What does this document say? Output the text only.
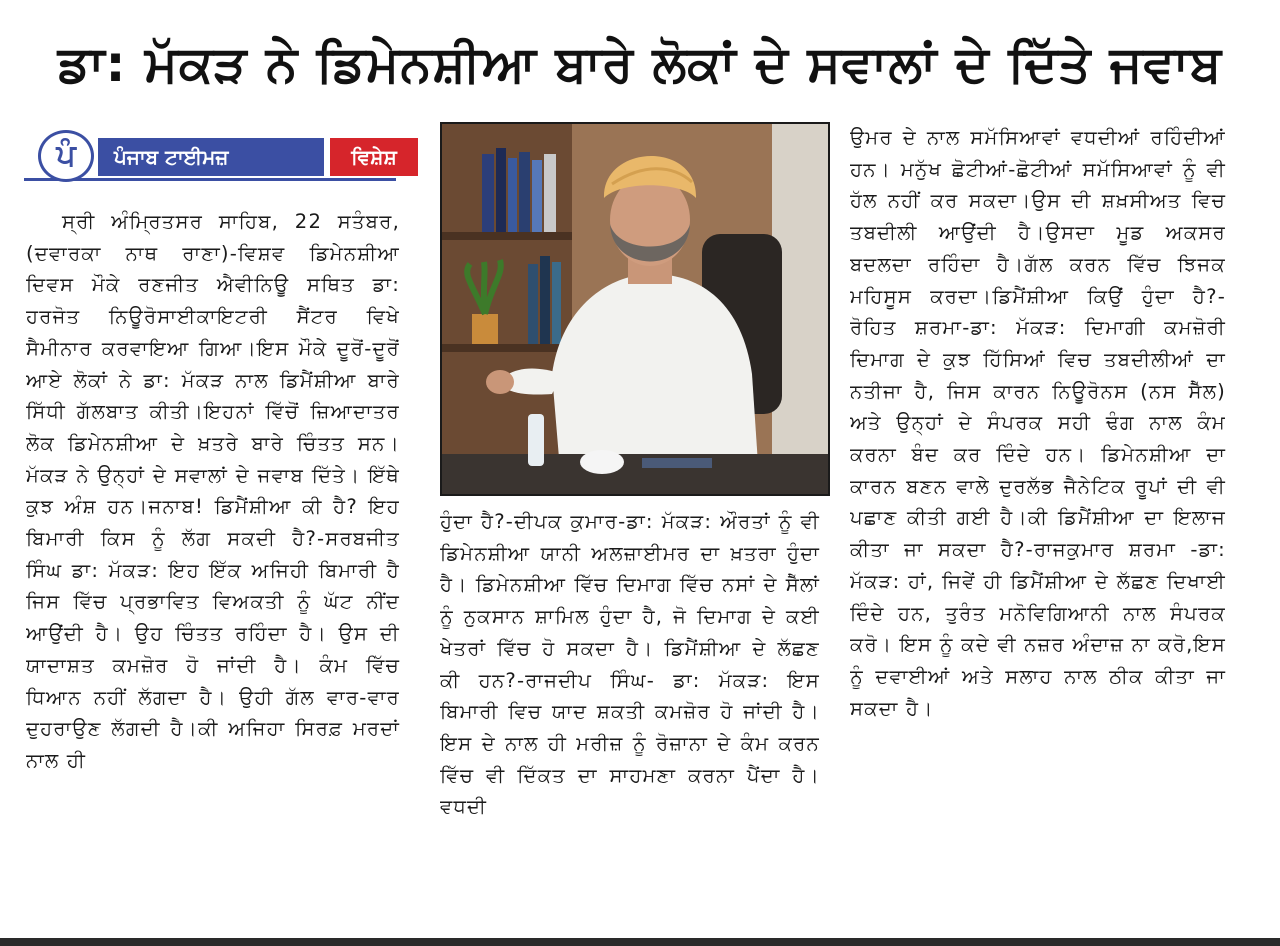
ਡਾ: ਮੱਕੜ ਨੇ ਡਿਮੇਨਸ਼ੀਆ ਬਾਰੇ ਲੋਕਾਂ ਦੇ ਸਵਾਲਾਂ ਦੇ ਦਿੱਤੇ ਜਵਾਬ
ਪੰ	ਪੰਜਾਬ ਟਾਈਮਜ਼	ਵਿਸ਼ੇਸ਼

ਸ੍ਰੀ ਅੰਮ੍ਰਿਤਸਰ ਸਾਹਿਬ, 22 ਸਤੰਬਰ, (ਦਵਾਰਕਾ ਨਾਥ ਰਾਣਾ)-ਵਿਸ਼ਵ ਡਿਮੇਨਸ਼ੀਆ ਦਿਵਸ ਮੌਕੇ ਰਣਜੀਤ ਐਵੀਨਿਊ ਸਥਿਤ ਡਾ: ਹਰਜੋਤ ਨਿਊਰੋਸਾਈਕਾਇਟਰੀ ਸੈਂਟਰ ਵਿਖੇ ਸੈਮੀਨਾਰ ਕਰਵਾਇਆ ਗਿਆ।ਇਸ ਮੌਕੇ ਦੂਰੋਂ-ਦੂਰੋਂ ਆਏ ਲੋਕਾਂ ਨੇ ਡਾ: ਮੱਕੜ ਨਾਲ ਡਿਮੈਂਸ਼ੀਆ ਬਾਰੇ ਸਿੱਧੀ ਗੱਲਬਾਤ ਕੀਤੀ।ਇਹਨਾਂ ਵਿੱਚੋਂ ਜ਼ਿਆਦਾਤਰ ਲੋਕ ਡਿਮੇਨਸ਼ੀਆ ਦੇ ਖ਼ਤਰੇ ਬਾਰੇ ਚਿੰਤਤ ਸਨ।ਮੱਕੜ ਨੇ ਉਨ੍ਹਾਂ ਦੇ ਸਵਾਲਾਂ ਦੇ ਜਵਾਬ ਦਿੱਤੇ। ਇੱਥੇ ਕੁਝ ਅੰਸ਼ ਹਨ।ਜਨਾਬ! ਡਿਮੈਂਸ਼ੀਆ ਕੀ ਹੈ? ਇਹ ਬਿਮਾਰੀ ਕਿਸ ਨੂੰ ਲੱਗ ਸਕਦੀ ਹੈ?-ਸਰਬਜੀਤ ਸਿੰਘ ਡਾ: ਮੱਕੜ: ਇਹ ਇੱਕ ਅਜਿਹੀ ਬਿਮਾਰੀ ਹੈ ਜਿਸ ਵਿੱਚ ਪ੍ਰਭਾਵਿਤ ਵਿਅਕਤੀ ਨੂੰ ਘੱਟ ਨੀਂਦ ਆਉਂਦੀ ਹੈ। ਉਹ ਚਿੰਤਤ ਰਹਿੰਦਾ ਹੈ। ਉਸ ਦੀ ਯਾਦਾਸ਼ਤ ਕਮਜ਼ੋਰ ਹੋ ਜਾਂਦੀ ਹੈ। ਕੰਮ ਵਿੱਚ ਧਿਆਨ ਨਹੀਂ ਲੱਗਦਾ ਹੈ। ਉਹੀ ਗੱਲ ਵਾਰ-ਵਾਰ ਦੁਹਰਾਉਣ ਲੱਗਦੀ ਹੈ।ਕੀ ਅਜਿਹਾ ਸਿਰਫ਼ ਮਰਦਾਂ ਨਾਲ ਹੀ

ਹੁੰਦਾ ਹੈ?-ਦੀਪਕ ਕੁਮਾਰ-ਡਾ: ਮੱਕੜ: ਔਰਤਾਂ ਨੂੰ ਵੀ ਡਿਮੇਨਸ਼ੀਆ ਯਾਨੀ ਅਲਜ਼ਾਈਮਰ ਦਾ ਖ਼ਤਰਾ ਹੁੰਦਾ ਹੈ। ਡਿਮੇਨਸ਼ੀਆ ਵਿੱਚ ਦਿਮਾਗ ਵਿੱਚ ਨਸਾਂ ਦੇ ਸੈੱਲਾਂ ਨੂੰ ਨੁਕਸਾਨ ਸ਼ਾਮਿਲ ਹੁੰਦਾ ਹੈ, ਜੋ ਦਿਮਾਗ ਦੇ ਕਈ ਖੇਤਰਾਂ ਵਿੱਚ ਹੋ ਸਕਦਾ ਹੈ। ਡਿਮੈਂਸ਼ੀਆ ਦੇ ਲੱਛਣ ਕੀ ਹਨ?-ਰਾਜਦੀਪ ਸਿੰਘ- ਡਾ: ਮੱਕੜ: ਇਸ ਬਿਮਾਰੀ ਵਿਚ ਯਾਦ ਸ਼ਕਤੀ ਕਮਜ਼ੋਰ ਹੋ ਜਾਂਦੀ ਹੈ।ਇਸ ਦੇ ਨਾਲ ਹੀ ਮਰੀਜ਼ ਨੂੰ ਰੋਜ਼ਾਨਾ ਦੇ ਕੰਮ ਕਰਨ ਵਿੱਚ ਵੀ ਦਿੱਕਤ ਦਾ ਸਾਹਮਣਾ ਕਰਨਾ ਪੈਂਦਾ ਹੈ।ਵਧਦੀ

ਉਮਰ ਦੇ ਨਾਲ ਸਮੱਸਿਆਵਾਂ ਵਧਦੀਆਂ ਰਹਿੰਦੀਆਂ ਹਨ। ਮਨੁੱਖ ਛੋਟੀਆਂ-ਛੋਟੀਆਂ ਸਮੱਸਿਆਵਾਂ ਨੂੰ ਵੀ ਹੱਲ ਨਹੀਂ ਕਰ ਸਕਦਾ।ਉਸ ਦੀ ਸ਼ਖ਼ਸੀਅਤ ਵਿਚ ਤਬਦੀਲੀ ਆਉਂਦੀ ਹੈ।ਉਸਦਾ ਮੂਡ ਅਕਸਰ ਬਦਲਦਾ ਰਹਿੰਦਾ ਹੈ।ਗੱਲ ਕਰਨ ਵਿੱਚ ਝਿਜਕ ਮਹਿਸੂਸ ਕਰਦਾ।ਡਿਮੈਂਸ਼ੀਆ ਕਿਉਂ ਹੁੰਦਾ ਹੈ?-ਰੋਹਿਤ ਸ਼ਰਮਾ-ਡਾ: ਮੱਕੜ: ਦਿਮਾਗੀ ਕਮਜ਼ੋਰੀ ਦਿਮਾਗ ਦੇ ਕੁਝ ਹਿੱਸਿਆਂ ਵਿਚ ਤਬਦੀਲੀਆਂ ਦਾ ਨਤੀਜਾ ਹੈ, ਜਿਸ ਕਾਰਨ ਨਿਊਰੋਨਸ (ਨਸ ਸੈੱਲ) ਅਤੇ ਉਨ੍ਹਾਂ ਦੇ ਸੰਪਰਕ ਸਹੀ ਢੰਗ ਨਾਲ ਕੰਮ ਕਰਨਾ ਬੰਦ ਕਰ ਦਿੰਦੇ ਹਨ। ਡਿਮੇਨਸ਼ੀਆ ਦਾ ਕਾਰਨ ਬਣਨ ਵਾਲੇ ਦੁਰਲੱਭ ਜੈਨੇਟਿਕ ਰੂਪਾਂ ਦੀ ਵੀ ਪਛਾਣ ਕੀਤੀ ਗਈ ਹੈ।ਕੀ ਡਿਮੈਂਸ਼ੀਆ ਦਾ ਇਲਾਜ ਕੀਤਾ ਜਾ ਸਕਦਾ ਹੈ?-ਰਾਜਕੁਮਾਰ ਸ਼ਰਮਾ -ਡਾ: ਮੱਕੜ: ਹਾਂ, ਜਿਵੇਂ ਹੀ ਡਿਮੈਂਸ਼ੀਆ ਦੇ ਲੱਛਣ ਦਿਖਾਈ ਦਿੰਦੇ ਹਨ, ਤੁਰੰਤ ਮਨੋਵਿਗਿਆਨੀ ਨਾਲ ਸੰਪਰਕ ਕਰੋ। ਇਸ ਨੂੰ ਕਦੇ ਵੀ ਨਜ਼ਰ ਅੰਦਾਜ਼ ਨਾ ਕਰੋ,ਇਸ ਨੂੰ ਦਵਾਈਆਂ ਅਤੇ ਸਲਾਹ ਨਾਲ ਠੀਕ ਕੀਤਾ ਜਾ ਸਕਦਾ ਹੈ।
